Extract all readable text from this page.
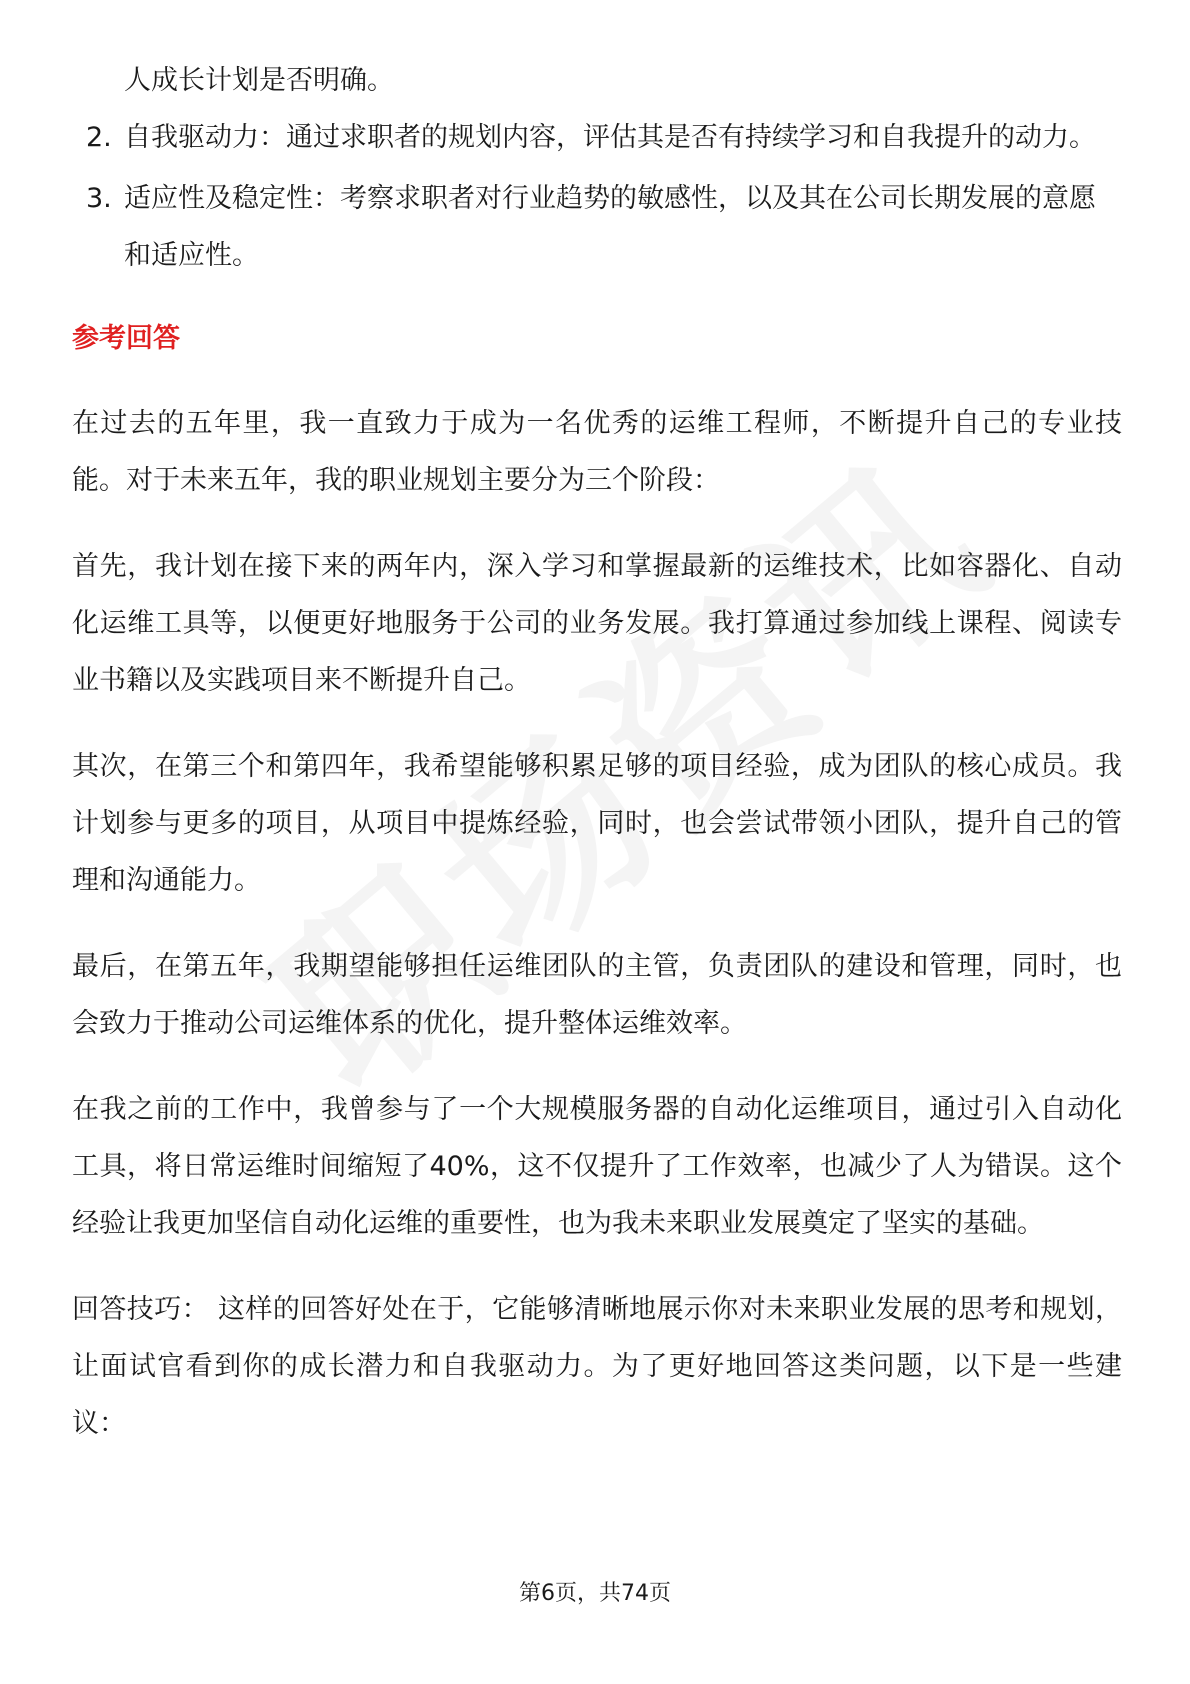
人成长计划是否明确。

2. 自我驱动力：通过求职者的规划内容，评估其是否有持续学习和自我提升的动力。
3. 适应性及稳定性：考察求职者对行业趋势的敏感性，以及其在公司长期发展的意愿和适应性。
参考回答

在过去的五年里，我一直致力于成为一名优秀的运维工程师，不断提升自己的专业技能。对于未来五年，我的职业规划主要分为三个阶段：

首先，我计划在接下来的两年内，深入学习和掌握最新的运维技术，比如容器化、自动化运维工具等，以便更好地服务于公司的业务发展。我打算通过参加线上课程、阅读专业书籍以及实践项目来不断提升自己。

其次，在第三个和第四年，我希望能够积累足够的项目经验，成为团队的核心成员。我计划参与更多的项目，从项目中提炼经验，同时，也会尝试带领小团队，提升自己的管理和沟通能力。

最后，在第五年，我期望能够担任运维团队的主管，负责团队的建设和管理，同时，也会致力于推动公司运维体系的优化，提升整体运维效率。

在我之前的工作中，我曾参与了一个大规模服务器的自动化运维项目，通过引入自动化工具，将日常运维时间缩短了40%，这不仅提升了工作效率，也减少了人为错误。这个经验让我更加坚信自动化运维的重要性，也为我未来职业发展奠定了坚实的基础。

回答技巧： 这样的回答好处在于，它能够清晰地展示你对未来职业发展的思考和规划，让面试官看到你的成长潜力和自我驱动力。为了更好地回答这类问题，以下是一些建议：

第6页，共74页
